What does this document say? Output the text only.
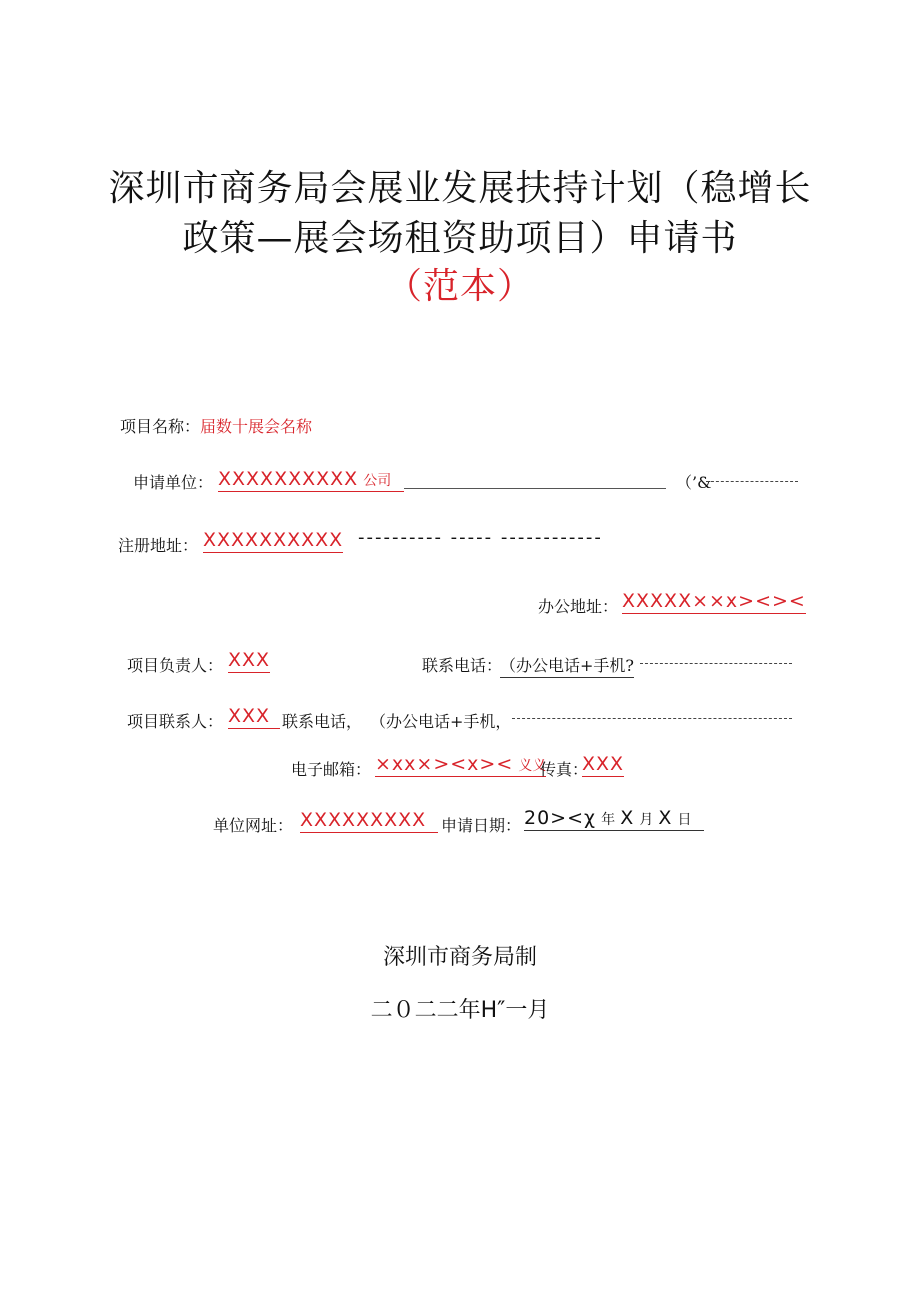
深圳市商务局会展业发展扶持计划（稳增长
政策—展会场租资助项目）申请书
（范本）
项目名称：届数十展会名称
申请单位： XXXXXXXXXX 公司	（’&
注册地址： XXXXXXXXXX ---------- ----- ------------
办公地址： XXXXX××x><><
项目负责人： XXX	联系电话：
（办公电话+手机?
项目联系人： XXX 联系电话， （办公电话+手机，
电子邮箱： ×xx×><x>< 义义
传真：
XXX
单位网址： XXXXXXXXX 申请日期： 20><χ 年 X 月 X 日
深圳市商务局制
二０二二年H″一月
